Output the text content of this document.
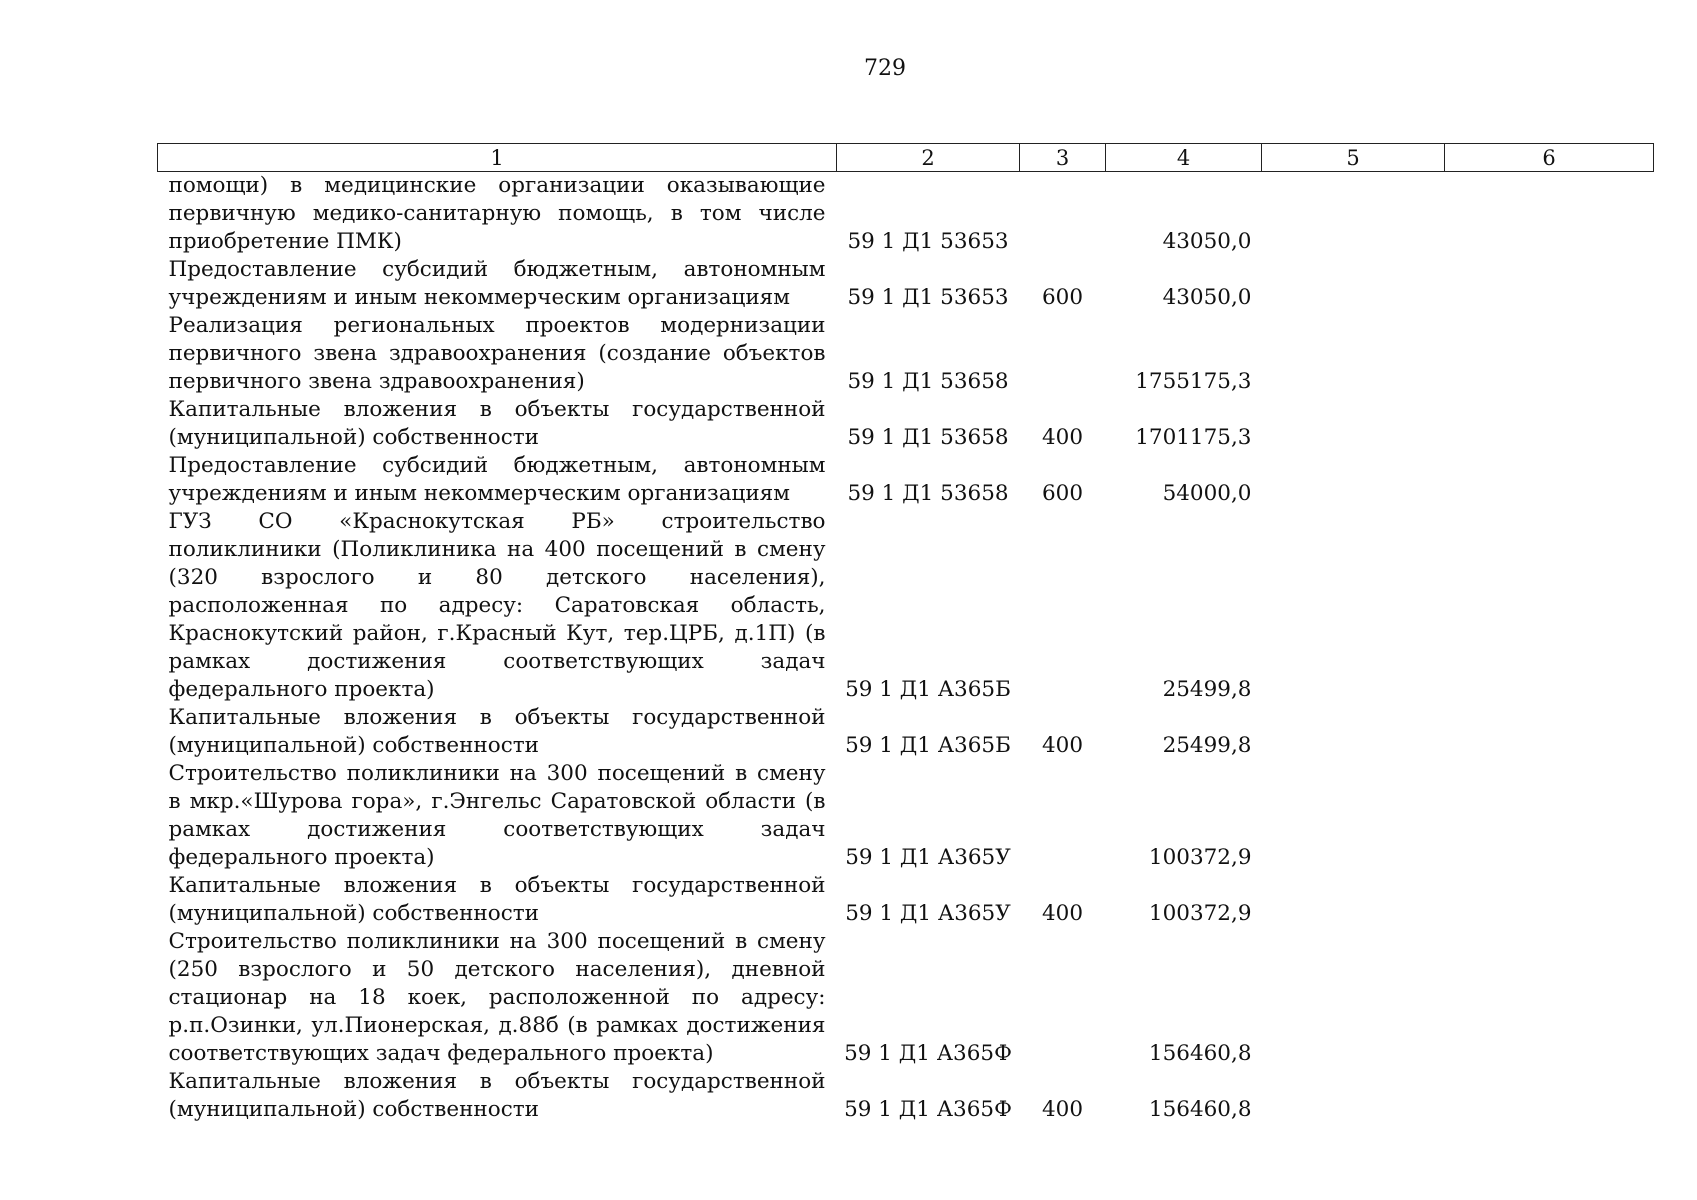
729
1	2	3	4	5	6
помощи) в медицинские организации оказывающие первичную медико-санитарную помощь, в том числе приобретение ПМК)	59 1 Д1 53653		43050,0		
Предоставление субсидий бюджетным, автономным учреждениям и иным некоммерческим организациям	59 1 Д1 53653	600	43050,0		
Реализация региональных проектов модернизации первичного звена здравоохранения (создание объектов первичного звена здравоохранения)	59 1 Д1 53658		1755175,3		
Капитальные вложения в объекты государственной (муниципальной) собственности	59 1 Д1 53658	400	1701175,3		
Предоставление субсидий бюджетным, автономным учреждениям и иным некоммерческим организациям	59 1 Д1 53658	600	54000,0		
ГУЗ СО «Краснокутская РБ» строительство поликлиники (Поликлиника на 400 посещений в смену (320 взрослого и 80 детского населения), расположенная по адресу: Саратовская область, Краснокутский район, г.Красный Кут, тер.ЦРБ, д.1П) (в рамках достижения соответствующих задач федерального проекта)	59 1 Д1 А365Б		25499,8		
Капитальные вложения в объекты государственной (муниципальной) собственности	59 1 Д1 А365Б	400	25499,8		
Строительство поликлиники на 300 посещений в смену в мкр.«Шурова гора», г.Энгельс Саратовской области (в рамках достижения соответствующих задач федерального проекта)	59 1 Д1 А365У		100372,9		
Капитальные вложения в объекты государственной (муниципальной) собственности	59 1 Д1 А365У	400	100372,9		
Строительство поликлиники на 300 посещений в смену (250 взрослого и 50 детского населения), дневной стационар на 18 коек, расположенной по адресу: р.п.Озинки, ул.Пионерская, д.88б (в рамках достижения соответствующих задач федерального проекта)	59 1 Д1 А365Ф		156460,8		
Капитальные вложения в объекты государственной (муниципальной) собственности	59 1 Д1 А365Ф	400	156460,8		
